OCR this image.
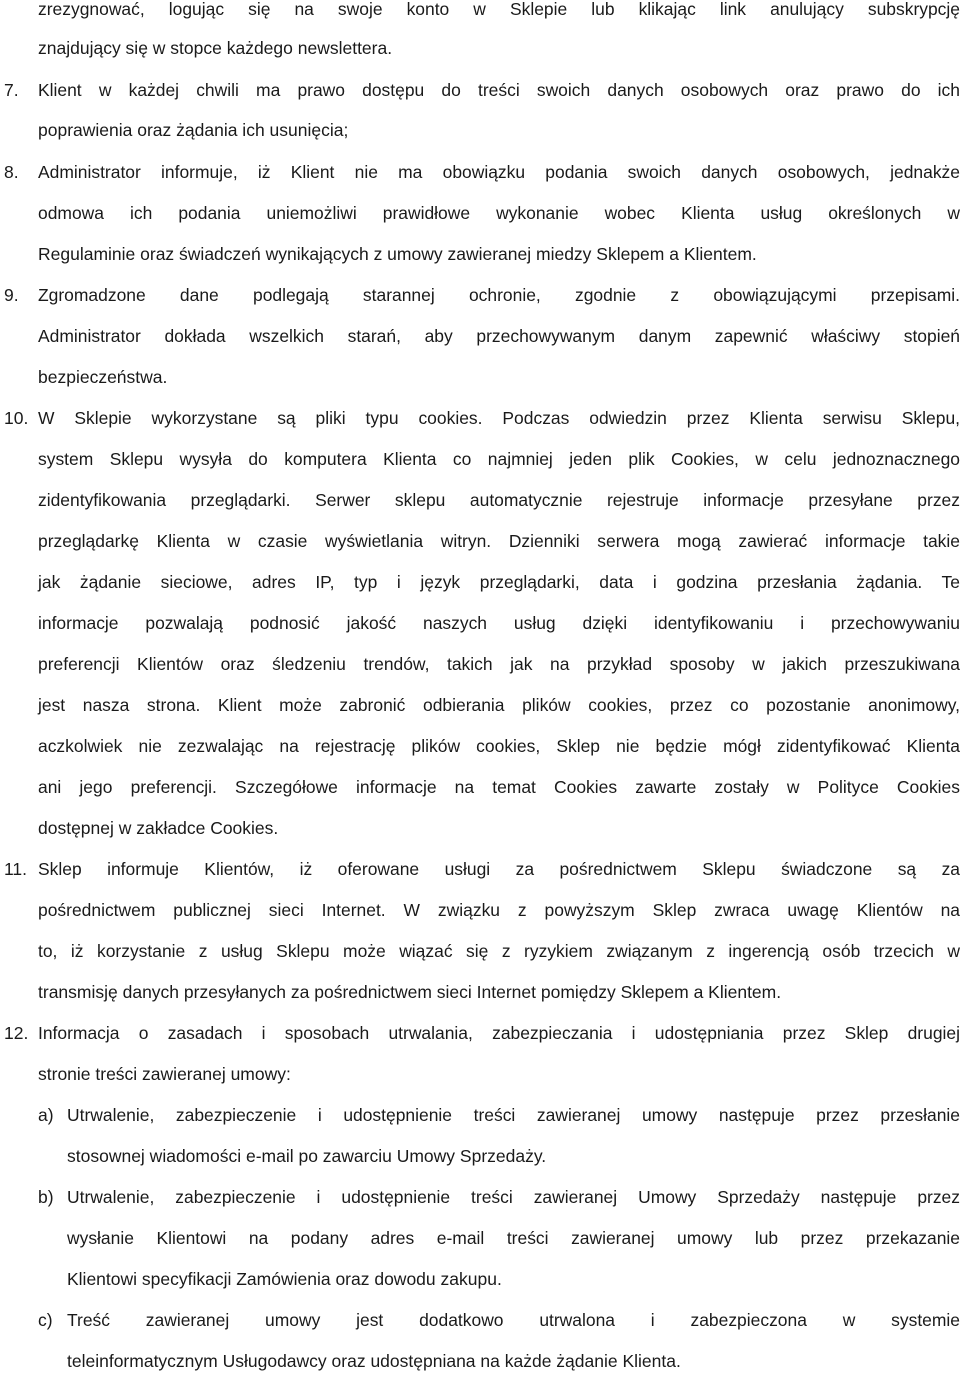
zrezygnować, logując się na swoje konto w Sklepie lub klikając link anulujący subskrypcję
znajdujący się w stopce każdego newslettera.
7. Klient w każdej chwili ma prawo dostępu do treści swoich danych osobowych oraz prawo do ich
poprawienia oraz żądania ich usunięcia;
8. Administrator informuje, iż Klient nie ma obowiązku podania swoich danych osobowych, jednakże
odmowa ich podania uniemożliwi prawidłowe wykonanie wobec Klienta usług określonych w
Regulaminie oraz świadczeń wynikających z umowy zawieranej miedzy Sklepem a Klientem.
9. Zgromadzone dane podlegają starannej ochronie, zgodnie z obowiązującymi przepisami.
Administrator dokłada wszelkich starań, aby przechowywanym danym zapewnić właściwy stopień
bezpieczeństwa.
10. W Sklepie wykorzystane są pliki typu cookies. Podczas odwiedzin przez Klienta serwisu Sklepu,
system Sklepu wysyła do komputera Klienta co najmniej jeden plik Cookies, w celu jednoznacznego
zidentyfikowania przeglądarki. Serwer sklepu automatycznie rejestruje informacje przesyłane przez
przeglądarkę Klienta w czasie wyświetlania witryn. Dzienniki serwera mogą zawierać informacje takie
jak żądanie sieciowe, adres IP, typ i język przeglądarki, data i godzina przesłania żądania. Te
informacje pozwalają podnosić jakość naszych usług dzięki identyfikowaniu i przechowywaniu
preferencji Klientów oraz śledzeniu trendów, takich jak na przykład sposoby w jakich przeszukiwana
jest nasza strona. Klient może zabronić odbierania plików cookies, przez co pozostanie anonimowy,
aczkolwiek nie zezwalając na rejestrację plików cookies, Sklep nie będzie mógł zidentyfikować Klienta
ani jego preferencji. Szczegółowe informacje na temat Cookies zawarte zostały w Polityce Cookies
dostępnej w zakładce Cookies.
11. Sklep informuje Klientów, iż oferowane usługi za pośrednictwem Sklepu świadczone są za
pośrednictwem publicznej sieci Internet. W związku z powyższym Sklep zwraca uwagę Klientów na
to, iż korzystanie z usług Sklepu może wiązać się z ryzykiem związanym z ingerencją osób trzecich w
transmisję danych przesyłanych za pośrednictwem sieci Internet pomiędzy Sklepem a Klientem.
12. Informacja o zasadach i sposobach utrwalania, zabezpieczania i udostępniania przez Sklep drugiej
stronie treści zawieranej umowy:
a) Utrwalenie, zabezpieczenie i udostępnienie treści zawieranej umowy następuje przez przesłanie
stosownej wiadomości e-mail po zawarciu Umowy Sprzedaży.
b) Utrwalenie, zabezpieczenie i udostępnienie treści zawieranej Umowy Sprzedaży następuje przez
wysłanie Klientowi na podany adres e-mail treści zawieranej umowy lub przez przekazanie
Klientowi specyfikacji Zamówienia oraz dowodu zakupu.
c) Treść zawieranej umowy jest dodatkowo utrwalona i zabezpieczona w systemie
teleinformatycznym Usługodawcy oraz udostępniana na każde żądanie Klienta.
